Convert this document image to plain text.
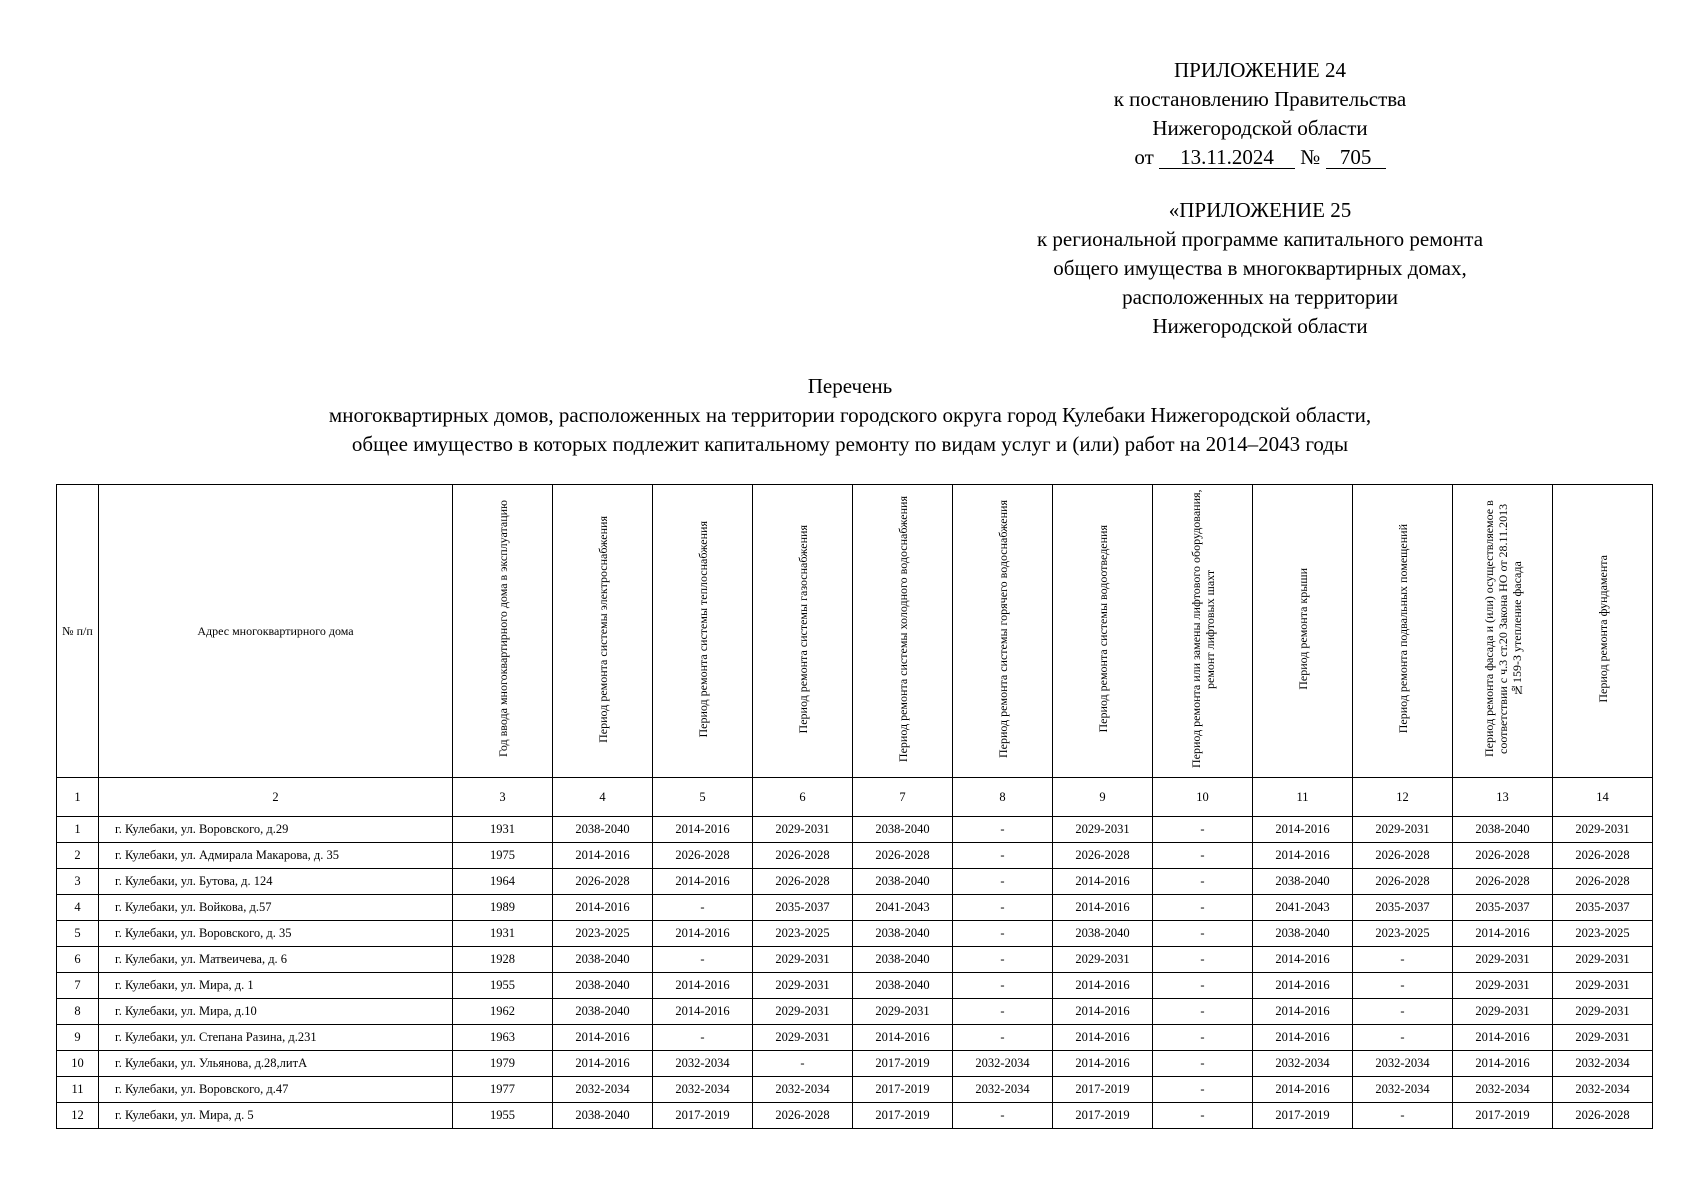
ПРИЛОЖЕНИЕ 24
к постановлению Правительства
Нижегородской области
от 13.11.2024 № 705
«ПРИЛОЖЕНИЕ 25
к региональной программе капитального ремонта
общего имущества в многоквартирных домах,
расположенных на территории
Нижегородской области
Перечень
многоквартирных домов, расположенных на территории городского округа город Кулебаки Нижегородской области,
общее имущество в которых подлежит капитальному ремонту по видам услуг и (или) работ на 2014–2043 годы
№ п/п	Адрес многоквартирного дома	Год ввода многоквартирного дома в эксплуатацию	Период ремонта системы электроснабжения	Период ремонта системы теплоснабжения	Период ремонта системы газоснабжения	Период ремонта системы холодного водоснабжения	Период ремонта системы горячего водоснабжения	Период ремонта системы водоотведения	Период ремонта или замены лифтового оборудования, ремонт лифтовых шахт	Период ремонта крыши	Период ремонта подвальных помещений	Период ремонта фасада и (или) осуществляемое в соответствии с ч.3 ст.20 Закона НО от 28.11.2013 №159-З утепление фасада	Период ремонта фундамента
1	2	3	4	5	6	7	8	9	10	11	12	13	14
1	г. Кулебаки, ул. Воровского, д.29	1931	2038-2040	2014-2016	2029-2031	2038-2040	-	2029-2031	-	2014-2016	2029-2031	2038-2040	2029-2031
2	г. Кулебаки, ул. Адмирала Макарова, д. 35	1975	2014-2016	2026-2028	2026-2028	2026-2028	-	2026-2028	-	2014-2016	2026-2028	2026-2028	2026-2028
3	г. Кулебаки, ул. Бутова, д. 124	1964	2026-2028	2014-2016	2026-2028	2038-2040	-	2014-2016	-	2038-2040	2026-2028	2026-2028	2026-2028
4	г. Кулебаки, ул. Войкова, д.57	1989	2014-2016	-	2035-2037	2041-2043	-	2014-2016	-	2041-2043	2035-2037	2035-2037	2035-2037
5	г. Кулебаки, ул. Воровского, д. 35	1931	2023-2025	2014-2016	2023-2025	2038-2040	-	2038-2040	-	2038-2040	2023-2025	2014-2016	2023-2025
6	г. Кулебаки, ул. Матвеичева, д. 6	1928	2038-2040	-	2029-2031	2038-2040	-	2029-2031	-	2014-2016	-	2029-2031	2029-2031
7	г. Кулебаки, ул. Мира, д. 1	1955	2038-2040	2014-2016	2029-2031	2038-2040	-	2014-2016	-	2014-2016	-	2029-2031	2029-2031
8	г. Кулебаки, ул. Мира, д.10	1962	2038-2040	2014-2016	2029-2031	2029-2031	-	2014-2016	-	2014-2016	-	2029-2031	2029-2031
9	г. Кулебаки, ул. Степана Разина, д.231	1963	2014-2016	-	2029-2031	2014-2016	-	2014-2016	-	2014-2016	-	2014-2016	2029-2031
10	г. Кулебаки, ул. Ульянова, д.28,литА	1979	2014-2016	2032-2034	-	2017-2019	2032-2034	2014-2016	-	2032-2034	2032-2034	2014-2016	2032-2034
11	г. Кулебаки, ул. Воровского, д.47	1977	2032-2034	2032-2034	2032-2034	2017-2019	2032-2034	2017-2019	-	2014-2016	2032-2034	2032-2034	2032-2034
12	г. Кулебаки, ул. Мира, д. 5	1955	2038-2040	2017-2019	2026-2028	2017-2019	-	2017-2019	-	2017-2019	-	2017-2019	2026-2028
